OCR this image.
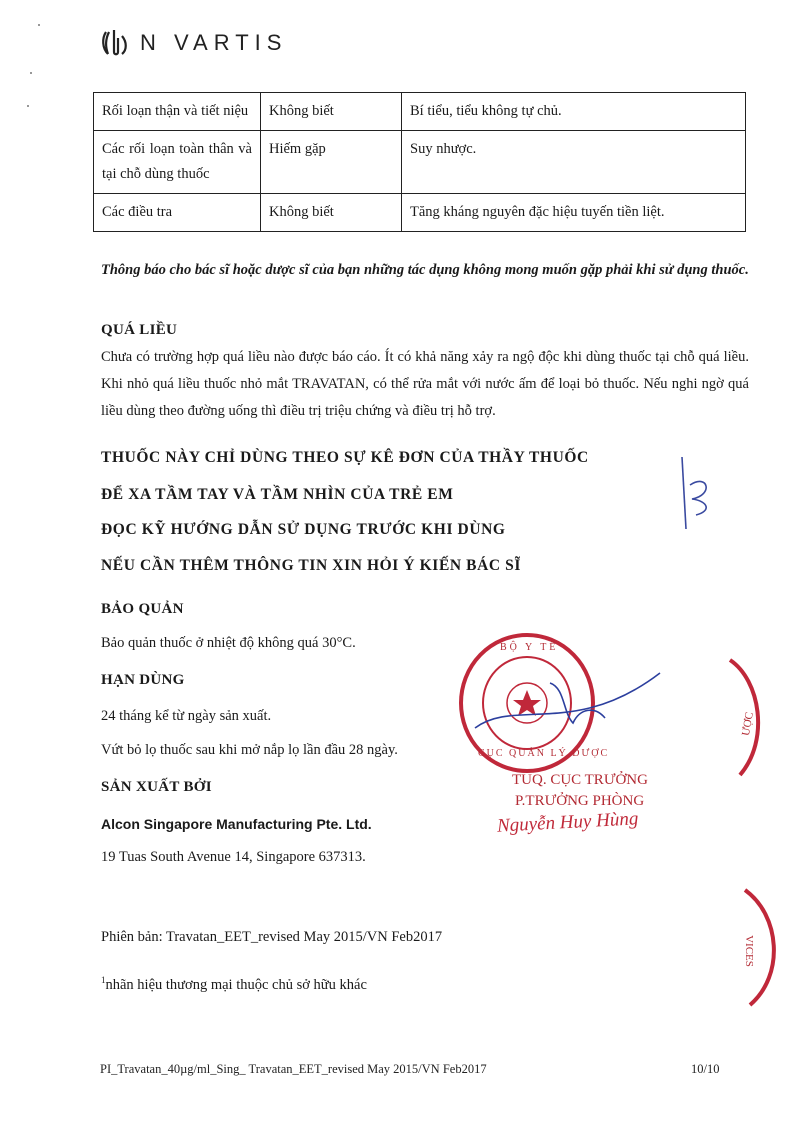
N VARTIS
Rối loạn thận và tiết niệu	Không biết	Bí tiểu, tiểu không tự chủ.
Các rối loạn toàn thân và tại chỗ dùng thuốc	Hiếm gặp	Suy nhược.
Các điều tra	Không biết	Tăng kháng nguyên đặc hiệu tuyến tiền liệt.
Thông báo cho bác sĩ hoặc dược sĩ của bạn những tác dụng không mong muốn gặp phải khi sử dụng thuốc.
QUÁ LIỀU
Chưa có trường hợp quá liều nào được báo cáo. Ít có khả năng xảy ra ngộ độc khi dùng thuốc tại chỗ quá liều. Khi nhỏ quá liều thuốc nhỏ mắt TRAVATAN, có thể rửa mắt với nước ấm để loại bỏ thuốc. Nếu nghi ngờ quá liều dùng theo đường uống thì điều trị triệu chứng và điều trị hỗ trợ.
THUỐC NÀY CHỈ DÙNG THEO SỰ KÊ ĐƠN CỦA THẦY THUỐC
ĐỂ XA TẦM TAY VÀ TẦM NHÌN CỦA TRẺ EM
ĐỌC KỸ HƯỚNG DẪN SỬ DỤNG TRƯỚC KHI DÙNG
NẾU CẦN THÊM THÔNG TIN XIN HỎI Ý KIẾN BÁC SĨ
BẢO QUẢN
Bảo quản thuốc ở nhiệt độ không quá 30°C.
HẠN DÙNG
24 tháng kể từ ngày sản xuất.
Vứt bỏ lọ thuốc sau khi mở nắp lọ lần đầu 28 ngày.
SẢN XUẤT BỞI
Alcon Singapore Manufacturing Pte. Ltd.
19 Tuas South Avenue 14, Singapore 637313.
Phiên bản: Travatan_EET_revised May 2015/VN Feb2017
$^1$nhãn hiệu thương mại thuộc chủ sở hữu khác
BỘ Y TẾ
CỤC QUẢN LÝ DƯỢC
TUQ. CỤC TRƯỞNG
P.TRƯỞNG PHÒNG
Nguyễn Huy Hùng
ƯỢC
VICES
PI_Travatan_40µg/ml_Sing_ Travatan_EET_revised May 2015/VN Feb2017	10/10
